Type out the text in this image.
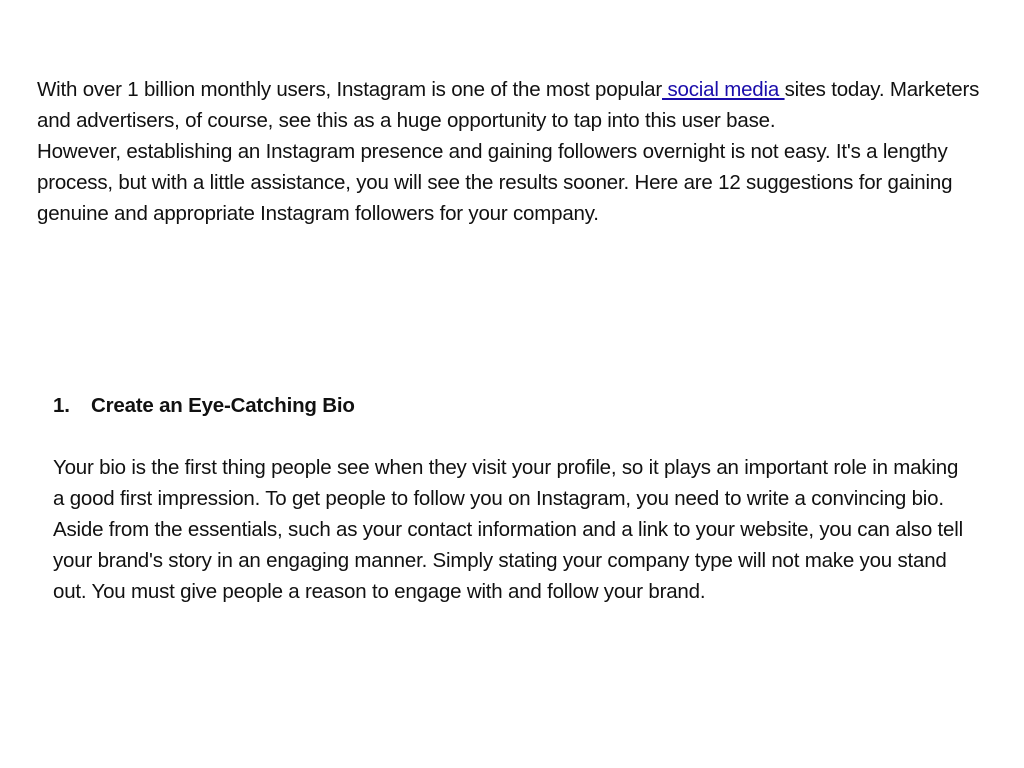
With over 1 billion monthly users, Instagram is one of the most popular social media sites today. Marketers and advertisers, of course, see this as a huge opportunity to tap into this user base.

However, establishing an Instagram presence and gaining followers overnight is not easy. It's a lengthy process, but with a little assistance, you will see the results sooner. Here are 12 suggestions for gaining genuine and appropriate Instagram followers for your company.

1.	Create an Eye-Catching Bio

Your bio is the first thing people see when they visit your profile, so it plays an important role in making a good first impression. To get people to follow you on Instagram, you need to write a convincing bio.

Aside from the essentials, such as your contact information and a link to your website, you can also tell your brand's story in an engaging manner. Simply stating your company type will not make you stand out. You must give people a reason to engage with and follow your brand.
